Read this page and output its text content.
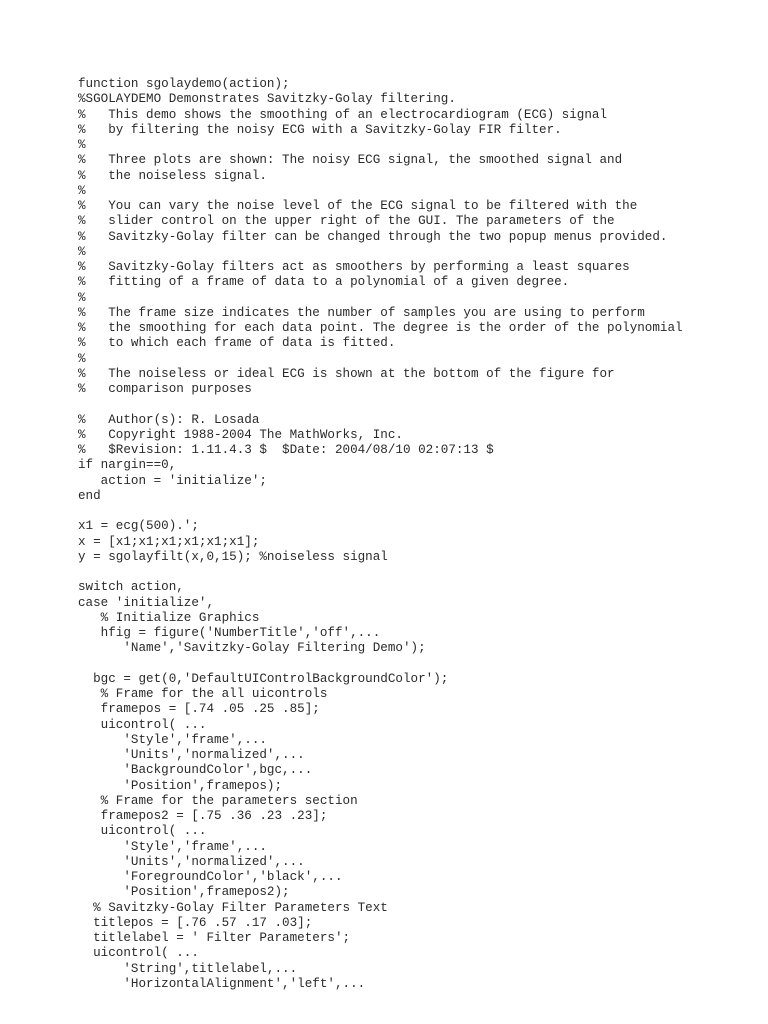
function sgolaydemo(action);
%SGOLAYDEMO Demonstrates Savitzky-Golay filtering.
%   This demo shows the smoothing of an electrocardiogram (ECG) signal
%   by filtering the noisy ECG with a Savitzky-Golay FIR filter.
%
%   Three plots are shown: The noisy ECG signal, the smoothed signal and
%   the noiseless signal.
%
%   You can vary the noise level of the ECG signal to be filtered with the
%   slider control on the upper right of the GUI. The parameters of the
%   Savitzky-Golay filter can be changed through the two popup menus provided.
%
%   Savitzky-Golay filters act as smoothers by performing a least squares
%   fitting of a frame of data to a polynomial of a given degree.
%
%   The frame size indicates the number of samples you are using to perform
%   the smoothing for each data point. The degree is the order of the polynomial
%   to which each frame of data is fitted.
%
%   The noiseless or ideal ECG is shown at the bottom of the figure for
%   comparison purposes
%   Author(s): R. Losada
%   Copyright 1988-2004 The MathWorks, Inc.
%   $Revision: 1.11.4.3 $  $Date: 2004/08/10 02:07:13 $
if nargin==0,
action = 'initialize';
end
x1 = ecg(500).';
x = [x1;x1;x1;x1;x1;x1];
y = sgolayfilt(x,0,15); %noiseless signal
switch action,
case 'initialize',
% Initialize Graphics
hfig = figure('NumberTitle','off',...
'Name','Savitzky-Golay Filtering Demo');
bgc = get(0,'DefaultUIControlBackgroundColor');
% Frame for the all uicontrols
framepos = [.74 .05 .25 .85];
uicontrol( ...
'Style','frame',...
'Units','normalized',...
'BackgroundColor',bgc,...
'Position',framepos);
% Frame for the parameters section
framepos2 = [.75 .36 .23 .23];
uicontrol( ...
'Style','frame',...
'Units','normalized',...
'ForegroundColor','black',...
'Position',framepos2);
% Savitzky-Golay Filter Parameters Text
titlepos = [.76 .57 .17 .03];
titlelabel = ' Filter Parameters';
uicontrol( ...
'String',titlelabel,...
'HorizontalAlignment','left',...
